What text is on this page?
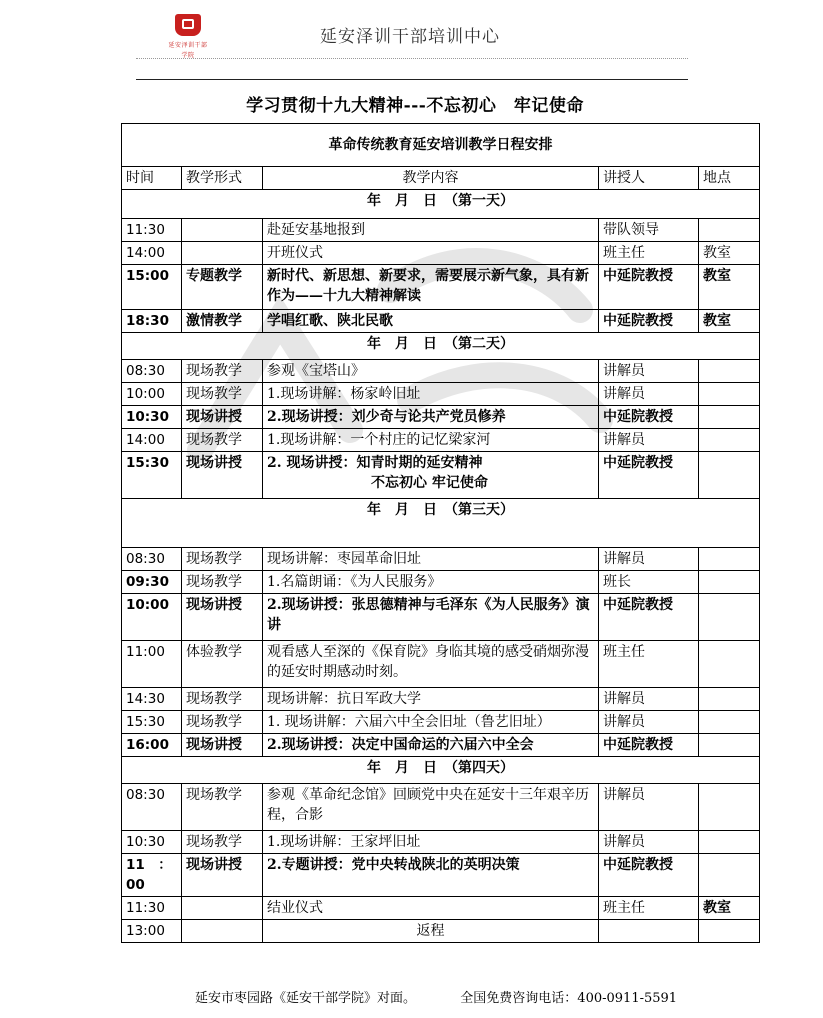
延安泽训干部学院
延安泽训干部培训中心
学习贯彻十九大精神---不忘初心　牢记使命
革命传统教育延安培训教学日程安排				
时间	教学形式	教学内容	讲授人	地点
年　月　日　（第一天）				
11:30		赴延安基地报到	带队领导	
14:00		开班仪式	班主任	教室
15:00	专题教学	新时代、新思想、新要求，需要展示新气象，具有新作为——十九大精神解读	中延院教授	教室
18:30	激情教学	学唱红歌、陕北民歌	中延院教授	教室
年　月　日　（第二天）				
08:30	现场教学	参观《宝塔山》	讲解员	
10:00	现场教学	1.现场讲解：杨家岭旧址	讲解员	
10:30	现场讲授	2.现场讲授：刘少奇与论共产党员修养	中延院教授	
14:00	现场教学	1.现场讲解：一个村庄的记忆梁家河	讲解员	
15:30	现场讲授	2. 现场讲授：知青时期的延安精神
不忘初心 牢记使命	中延院教授	
年　月　日　（第三天）				
08:30	现场教学	现场讲解：枣园革命旧址	讲解员	
09:30	现场教学	1.名篇朗诵：《为人民服务》	班长	
10:00	现场讲授	2.现场讲授：张思德精神与毛泽东《为人民服务》演讲	中延院教授	
11:00	体验教学	观看感人至深的《保育院》身临其境的感受硝烟弥漫的延安时期感动时刻。	班主任	
14:30	现场教学	现场讲解：抗日军政大学	讲解员	
15:30	现场教学	1. 现场讲解：六届六中全会旧址（鲁艺旧址）	讲解员	
16:00	现场讲授	2.现场讲授：决定中国命运的六届六中全会	中延院教授	
年　月　日　（第四天）				
08:30	现场教学	参观《革命纪念馆》回顾党中央在延安十三年艰辛历程，合影	讲解员	
10:30	现场教学	1.现场讲解：王家坪旧址	讲解员	
11　：00	现场讲授	2.专题讲授：党中央转战陕北的英明决策	中延院教授	
11:30		结业仪式	班主任	教室
13:00		返程		
延安市枣园路《延安干部学院》对面。	全国免费咨询电话：400-0911-5591
